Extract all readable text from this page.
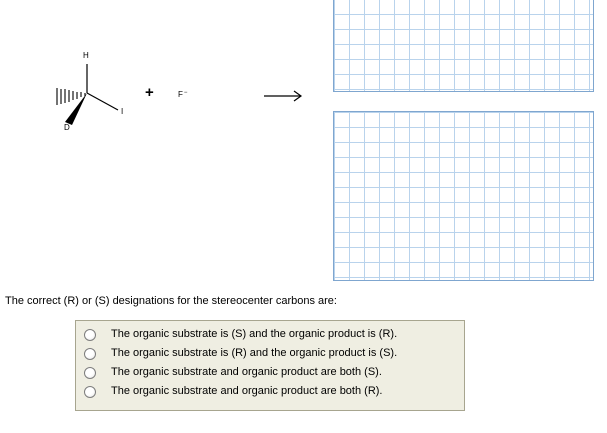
H
I
D
+	F−
The correct (R) or (S) designations for the stereocenter carbons are:
The organic substrate is (S) and the organic product is (R).
The organic substrate is (R) and the organic product is (S).
The organic substrate and organic product are both (S).
The organic substrate and organic product are both (R).
